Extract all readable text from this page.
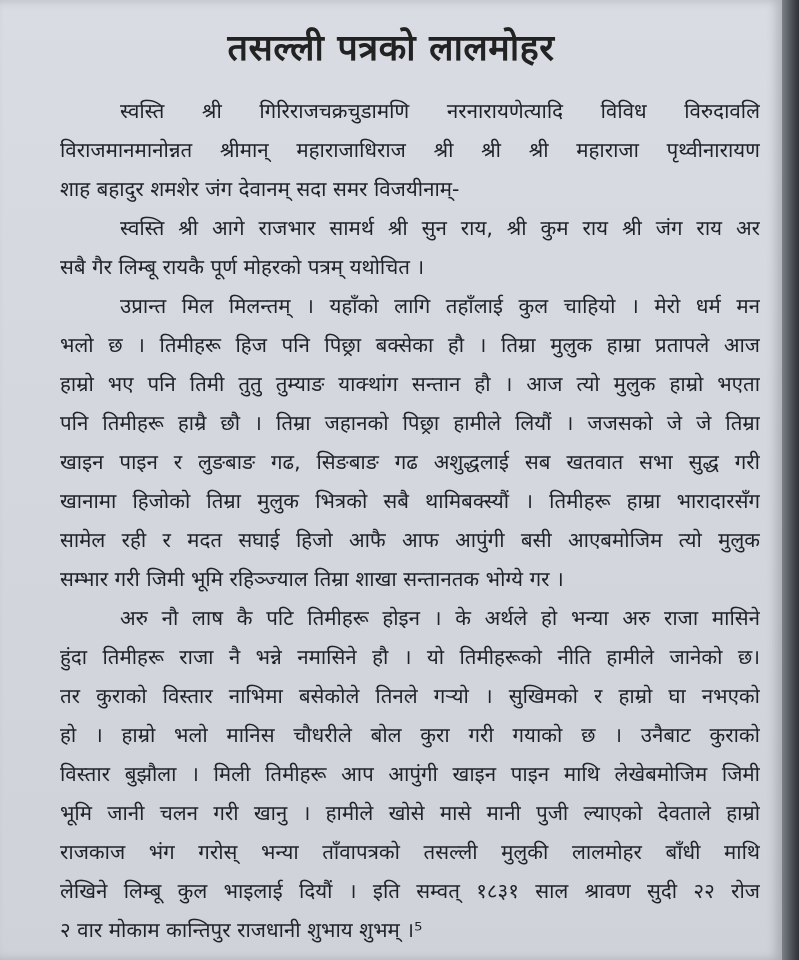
तसल्ली पत्रको लालमोहर
स्वस्ति श्री गिरिराजचक्रचुडामणि नरनारायणेत्यादि विविध विरुदावलि
विराजमानमानोन्नत श्रीमान् महाराजाधिराज श्री श्री श्री महाराजा पृथ्वीनारायण
शाह बहादुर शमशेर जंग देवानम् सदा समर विजयीनाम्-
स्वस्ति श्री आगे राजभार सामर्थ श्री सुन राय, श्री कुम राय श्री जंग राय अर
सबै गैर लिम्बू रायकै पूर्ण मोहरको पत्रम् यथोचित ।
उप्रान्त मिल मिलन्तम् । यहाँको लागि तहाँलाई कुल चाहियो । मेरो धर्म मन
भलो छ । तिमीहरू हिज पनि पिछ्रा बक्सेका हौ । तिम्रा मुलुक हाम्रा प्रतापले आज
हाम्रो भए पनि तिमी तुतु तुम्याङ याक्थांग सन्तान हौ । आज त्यो मुलुक हाम्रो भएता
पनि तिमीहरू हाम्रै छौ । तिम्रा जहानको पिछ्रा हामीले लियौं । जजसको जे जे तिम्रा
खाइन पाइन र लुङबाङ गढ, सिङबाङ गढ अशुद्धलाई सब खतवात सभा सुद्ध गरी
खानामा हिजोको तिम्रा मुलुक भित्रको सबै थामिबक्स्यौं । तिमीहरू हाम्रा भारादारसँग
सामेल रही र मदत सघाई हिजो आफै आफ आपुंगी बसी आएबमोजिम त्यो मुलुक
सम्भार गरी जिमी भूमि रहिञ्ज्याल तिम्रा शाखा सन्तानतक भोग्ये गर ।
अरु नौ लाष कै पटि तिमीहरू होइन । के अर्थले हो भन्या अरु राजा मासिने
हुंदा तिमीहरू राजा नै भन्ने नमासिने हौ । यो तिमीहरूको नीति हामीले जानेको छ।
तर कुराको विस्तार नाभिमा बसेकोले तिनले गऱ्यो । सुखिमको र हाम्रो घा नभएको
हो । हाम्रो भलो मानिस चौधरीले बोल कुरा गरी गयाको छ । उनैबाट कुराको
विस्तार बुझौला । मिली तिमीहरू आप आपुंगी खाइन पाइन माथि लेखेबमोजिम जिमी
भूमि जानी चलन गरी खानु । हामीले खोसे मासे मानी पुजी ल्याएको देवताले हाम्रो
राजकाज भंग गरोस् भन्या ताँवापत्रको तसल्ली मुलुकी लालमोहर बाँधी माथि
लेखिने लिम्बू कुल भाइलाई दियौं । इति सम्वत् १८३१ साल श्रावण सुदी २२ रोज
२ वार मोकाम कान्तिपुर राजधानी शुभाय शुभम् ।⁵
